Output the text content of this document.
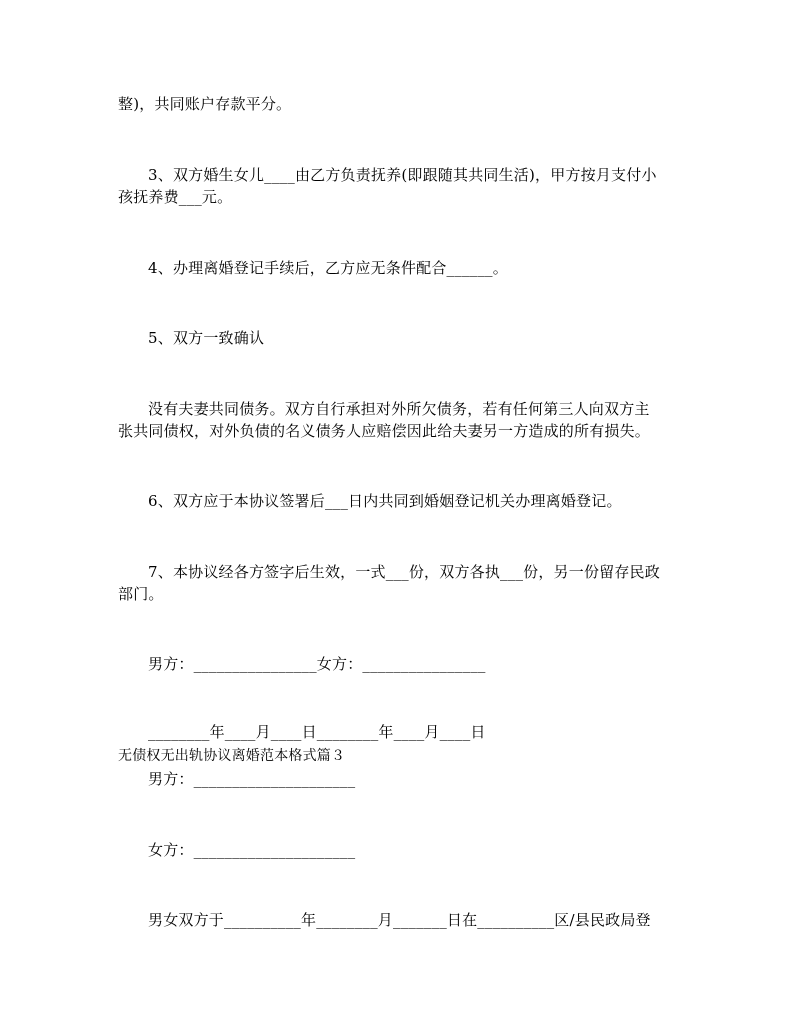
整)，共同账户存款平分。
3、双方婚生女儿____由乙方负责抚养(即跟随其共同生活)，甲方按月支付小
孩抚养费___元。
4、办理离婚登记手续后，乙方应无条件配合______。
5、双方一致确认
没有夫妻共同债务。双方自行承担对外所欠债务，若有任何第三人向双方主
张共同债权，对外负债的名义债务人应赔偿因此给夫妻另一方造成的所有损失。
6、双方应于本协议签署后___日内共同到婚姻登记机关办理离婚登记。
7、本协议经各方签字后生效，一式___份，双方各执___份，另一份留存民政
部门。
男方：________________女方：________________
________年____月____日________年____月____日
无债权无出轨协议离婚范本格式篇３
男方：_____________________
女方：_____________________
男女双方于__________年________月_______日在__________区/县民政局登
